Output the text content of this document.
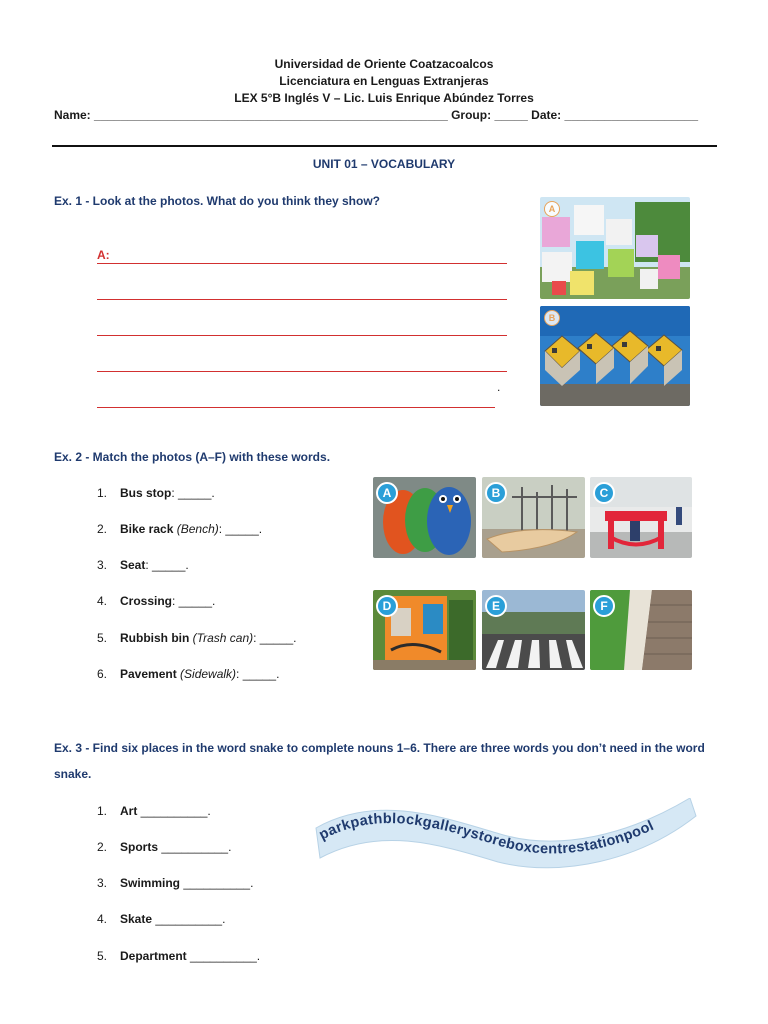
Universidad de Oriente Coatzacoalcos
Licenciatura en Lenguas Extranjeras
LEX 5°B Inglés V – Lic. Luis Enrique Abúndez Torres
Name: _____________________________________________________ Group: _____ Date: ____________________
UNIT 01 – VOCABULARY
Ex. 1 - Look at the photos. What do you think they show?
A:
.
A
B
Ex. 2 - Match the photos (A–F) with these words.
1. Bus stop: _____.
2. Bike rack (Bench): _____.
3. Seat: _____.
4. Crossing: _____.
5. Rubbish bin (Trash can): _____.
6. Pavement (Sidewalk): _____.
A	B	C
D	E	F
Ex. 3 - Find six places in the word snake to complete nouns 1–6. There are three words you don’t need in the word
snake.
1. Art __________.
2. Sports __________.
3. Swimming __________.
4. Skate __________.
5. Department __________.
parkpathblockgallerystoreboxcentrestationpool
